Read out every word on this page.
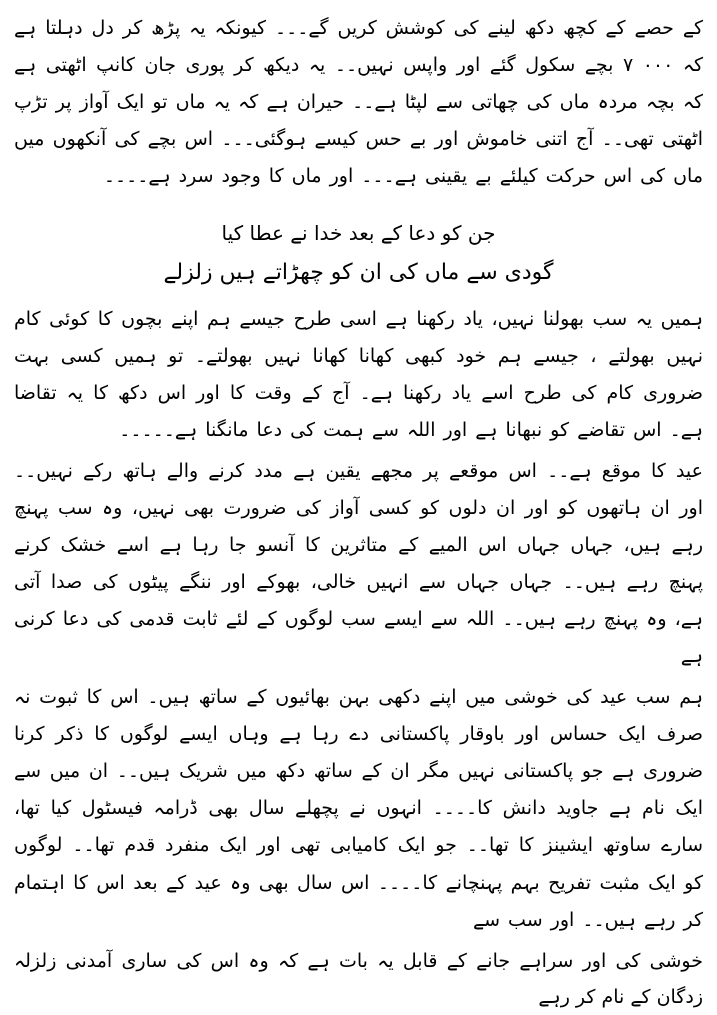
کے حصے کے کچھ دکھ لینے کی کوشش کریں گے۔۔۔ کیونکہ یہ پڑھ کر دل دہلتا ہے کہ ۰۰۰ ۷ بچے سکول گئے اور واپس نہیں۔۔ یہ دیکھ کر پوری جان کانپ اٹھتی ہے کہ بچہ مردہ ماں کی چھاتی سے لپٹا ہے۔۔ حیران ہے کہ یہ ماں تو ایک آواز پر تڑپ اٹھتی تھی۔۔ آج اتنی خاموش اور بے حس کیسے ہوگئی۔۔۔ اس بچے کی آنکھوں میں ماں کی اس حرکت کیلئے بے یقینی ہے۔۔۔ اور ماں کا وجود سرد ہے۔۔۔۔

جن کو دعا کے بعد خدا نے عطا کیا

گودی سے ماں کی ان کو چھڑاتے ہیں زلزلے

ہمیں یہ سب بھولنا نہیں، یاد رکھنا ہے اسی طرح جیسے ہم اپنے بچوں کا کوئی کام نہیں بھولتے ، جیسے ہم خود کبھی کھانا کھانا نہیں بھولتے۔ تو ہمیں کسی بہت ضروری کام کی طرح اسے یاد رکھنا ہے۔ آج کے وقت کا اور اس دکھ کا یہ تقاضا ہے۔ اس تقاضے کو نبھانا ہے اور اللہ سے ہمت کی دعا مانگنا ہے۔۔۔۔۔

عید کا موقع ہے۔۔ اس موقعے پر مجھے یقین ہے مدد کرنے والے ہاتھ رکے نہیں۔۔ اور ان ہاتھوں کو اور ان دلوں کو کسی آواز کی ضرورت بھی نہیں، وہ سب پہنچ رہے ہیں، جہاں جہاں اس المیے کے متاثرین کا آنسو جا رہا ہے اسے خشک کرنے پہنچ رہے ہیں۔۔ جہاں جہاں سے انہیں خالی، بھوکے اور ننگے پیٹوں کی صدا آتی ہے، وہ پہنچ رہے ہیں۔۔ اللہ سے ایسے سب لوگوں کے لئے ثابت قدمی کی دعا کرنی ہے

ہم سب عید کی خوشی میں اپنے دکھی بہن بھائیوں کے ساتھ ہیں۔ اس کا ثبوت نہ صرف ایک حساس اور باوقار پاکستانی دے رہا ہے وہاں ایسے لوگوں کا ذکر کرنا ضروری ہے جو پاکستانی نہیں مگر ان کے ساتھ دکھ میں شریک ہیں۔۔ ان میں سے ایک نام ہے جاوید دانش کا۔۔۔۔ انہوں نے پچھلے سال بھی ڈرامہ فیسٹول کیا تھا، سارے ساوتھ ایشینز کا تھا۔۔ جو ایک کامیابی تھی اور ایک منفرد قدم تھا۔۔ لوگوں کو ایک مثبت تفریح بہم پہنچانے کا۔۔۔۔ اس سال بھی وہ عید کے بعد اس کا اہتمام کر رہے ہیں۔۔ اور سب سے

خوشی کی اور سراہے جانے کے قابل یہ بات ہے کہ وہ اس کی ساری آمدنی زلزلہ زدگان کے نام کر رہے
